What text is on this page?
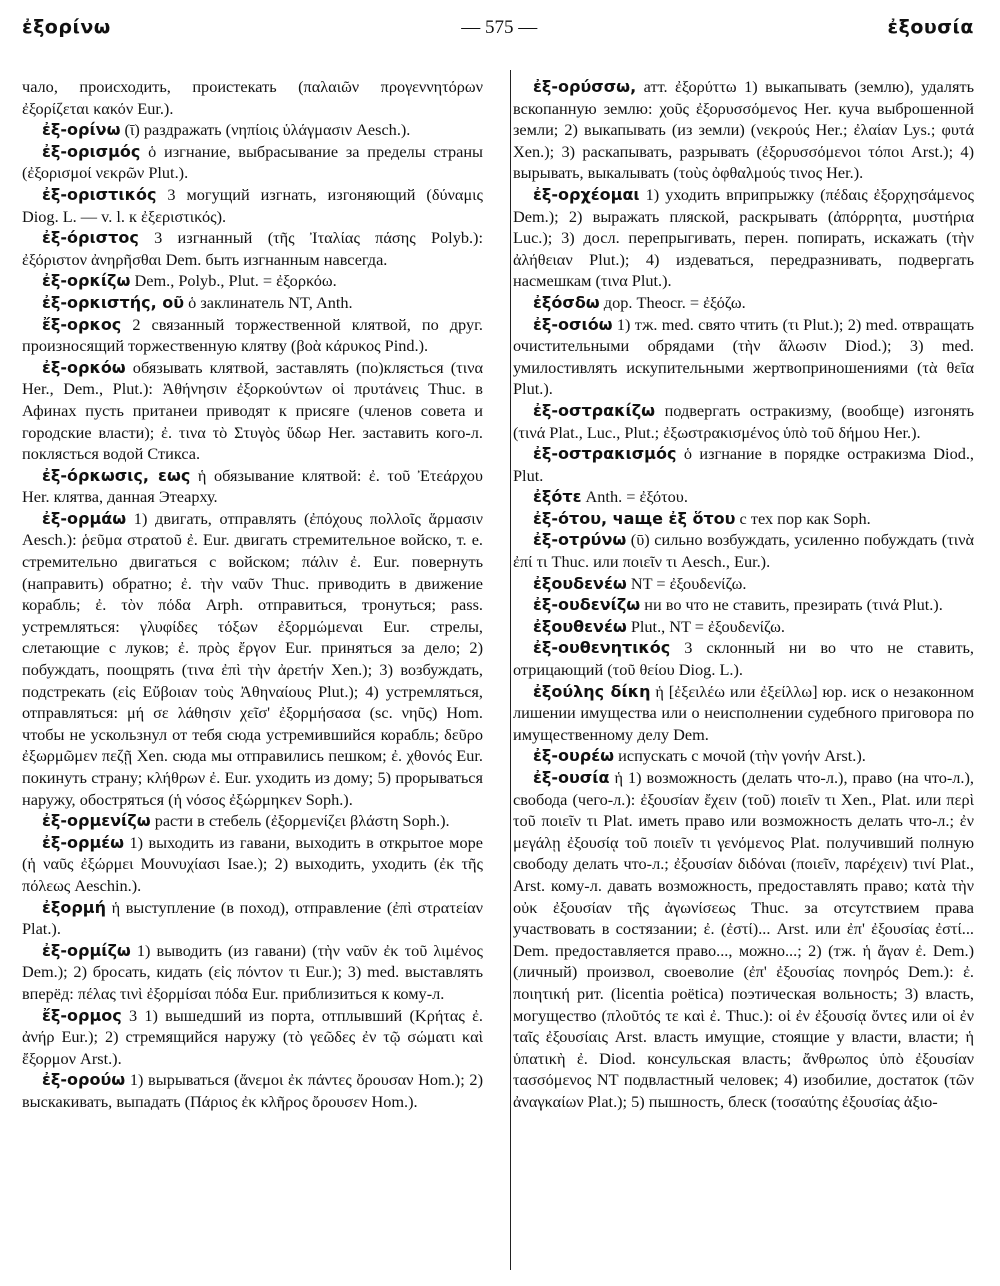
ἐξορίνω	— 575 —	ἐξουσία

чало, происходить, проистекать (παλαιῶν προγεννητόρων ἐξορίζεται κακόν Eur.).

ἐξ-ορίνω (ῑ) раздражать (νηπίοις ὑλάγμασιν Aesch.).

ἐξ-ορισμός ὁ изгнание, выбрасывание за пределы страны (ἐξορισμοί νεκρῶν Plut.).

ἐξ-οριστικός 3 могущий изгнать, изгоняющий (δύναμις Diog. L. — v. l. к ἐξεριστικός).

ἐξ-όριστος 3 изгнанный (τῆς Ἰταλίας πάσης Polyb.): ἐξόριστον ἀνηρῆσθαι Dem. быть изгнанным навсегда.

ἐξ-ορκίζω Dem., Polyb., Plut. = ἐξορκόω.

ἐξ-ορκιστής, οῦ ὁ заклинатель NT, Anth.

ἔξ-ορκος 2 связанный торжественной клятвой, по друг. произносящий торжественную клятву (βοὰ κάρυκος Pind.).

ἐξ-ορκόω обязывать клятвой, заставлять (по)клясться (τινα Her., Dem., Plut.): Ἀθήνησιν ἐξορκούντων οἱ πρυτάνεις Thuc. в Афинах пусть пританеи приводят к присяге (членов совета и городские власти); ἐ. τινα τὸ Στυγὸς ὕδωρ Her. заставить кого-л. поклясться водой Стикса.

ἐξ-όρκωσις, εως ἡ обязывание клятвой: ἐ. τοῦ Ἐτεάρχου Her. клятва, данная Этеарху.

ἐξ-ορμάω 1) двигать, отправлять (ἐπόχους πολλοῖς ἅρμασιν Aesch.): ῥεῦμα στρατοῦ ἐ. Eur. двигать стремительное войско, т. е. стремительно двигаться с войском; πάλιν ἐ. Eur. повернуть (направить) обратно; ἐ. τὴν ναῦν Thuc. приводить в движение корабль; ἐ. τὸν πόδα Arph. отправиться, тронуться; pass. устремляться: γλυφίδες τόξων ἐξορμώμεναι Eur. стрелы, слетающие с луков; ἐ. πρὸς ἔργον Eur. приняться за дело; 2) побуждать, поощрять (τινα ἐπὶ τὴν ἀρετήν Xen.); 3) возбуждать, подстрекать (εἰς Εὔβοιαν τοὺς Ἀθηναίους Plut.); 4) устремляться, отправляться: μή σε λάθησιν χεῖσ' ἐξορμήσασα (sc. νηῦς) Hom. чтобы не ускользнул от тебя сюда устремившийся корабль; δεῦρο ἐξωρμῶμεν πεζῇ Xen. сюда мы отправились пешком; ἐ. χθονός Eur. покинуть страну; κλήθρων ἐ. Eur. уходить из дому; 5) прорываться наружу, обостряться (ἡ νόσος ἐξώρμηκεν Soph.).

ἐξ-ορμενίζω расти в стебель (ἐξορμενίζει βλάστη Soph.).

ἐξ-ορμέω 1) выходить из гавани, выходить в открытое море (ἡ ναῦς ἐξώρμει Μουνυχίασι Isae.); 2) выходить, уходить (ἐκ τῆς πόλεως Aeschin.).

ἐξορμή ἡ выступление (в поход), отправление (ἐπὶ στρατείαν Plat.).

ἐξ-ορμίζω 1) выводить (из гавани) (τὴν ναῦν ἐκ τοῦ λιμένος Dem.); 2) бросать, кидать (εἰς πόντον τι Eur.); 3) med. выставлять вперёд: πέλας τινὶ ἐξορμίσαι πόδα Eur. приблизиться к кому-л.

ἔξ-ορμος 3 1) вышедший из порта, отплывший (Κρήτας ἐ. ἀνήρ Eur.); 2) стремящийся наружу (τὸ γεῶδες ἐν τῷ σώματι καὶ ἔξορμον Arst.).

ἐξ-ορούω 1) вырываться (ἄνεμοι ἐκ πάντες ὄρουσαν Hom.); 2) выскакивать, выпадать (Πάριος ἐκ κλῆρος ὄρουσεν Hom.).

ἐξ-ορύσσω, атт. ἐξορύττω 1) выкапывать (землю), удалять вскопанную землю: χοῦς ἐξορυσσόμενος Her. куча выброшенной земли; 2) выкапывать (из земли) (νεκρούς Her.; ἐλαίαν Lys.; φυτά Xen.); 3) раскапывать, разрывать (ἐξορυσσόμενοι τόποι Arst.); 4) вырывать, выкалывать (τοὺς ὀφθαλμούς τινος Her.).

ἐξ-ορχέομαι 1) уходить вприпрыжку (πέδαις ἐξορχησάμενος Dem.); 2) выражать пляской, раскрывать (ἀπόρρητα, μυστήρια Luc.); 3) досл. перепрыгивать, перен. попирать, искажать (τὴν ἀλήθειαν Plut.); 4) издеваться, передразнивать, подвергать насмешкам (τινα Plut.).

ἐξόσδω дор. Theocr. = ἐξόζω.

ἐξ-οσιόω 1) тж. med. свято чтить (τι Plut.); 2) med. отвращать очистительными обрядами (τὴν ἅλωσιν Diod.); 3) med. умилостивлять искупительными жертвоприношениями (τὰ θεῖα Plut.).

ἐξ-οστρακίζω подвергать остракизму, (вообще) изгонять (τινά Plat., Luc., Plut.; ἐξωστρακισμένος ὑπὸ τοῦ δήμου Her.).

ἐξ-οστρακισμός ὁ изгнание в порядке остракизма Diod., Plut.

ἐξότε Anth. = ἐξότου.

ἐξ-ότου, чаще ἐξ ὅτου с тех пор как Soph.

ἐξ-οτρύνω (ῡ) сильно возбуждать, усиленно побуждать (τινὰ ἐπί τι Thuc. или ποιεῖν τι Aesch., Eur.).

ἐξουδενέω NT = ἐξουδενίζω.

ἐξ-ουδενίζω ни во что не ставить, презирать (τινά Plut.).

ἐξουθενέω Plut., NT = ἐξουδενίζω.

ἐξ-ουθενητικός 3 склонный ни во что не ставить, отрицающий (τοῦ θείου Diog. L.).

ἐξούλης δίκη ἡ [ἐξειλέω или ἐξείλλω] юр. иск о незаконном лишении имущества или о неисполнении судебного приговора по имущественному делу Dem.

ἐξ-ουρέω испускать с мочой (τὴν γονήν Arst.).

ἐξ-ουσία ἡ 1) возможность (делать что-л.), право (на что-л.), свобода (чего-л.): ἐξουσίαν ἔχειν (τοῦ) ποιεῖν τι Xen., Plat. или περὶ τοῦ ποιεῖν τι Plat. иметь право или возможность делать что-л.; ἐν μεγάλῃ ἐξουσίᾳ τοῦ ποιεῖν τι γενόμενος Plat. получивший полную свободу делать что-л.; ἐξουσίαν διδόναι (ποιεῖν, παρέχειν) τινί Plat., Arst. кому-л. давать возможность, предоставлять право; κατὰ τὴν οὐκ ἐξουσίαν τῆς ἀγωνίσεως Thuc. за отсутствием права участвовать в состязании; ἐ. (ἐστί)... Arst. или ἐπ' ἐξουσίας ἐστί... Dem. предоставляется право..., можно...; 2) (тж. ἡ ἄγαν ἐ. Dem.) (личный) произвол, своеволие (ἐπ' ἐξουσίας πονηρός Dem.): ἐ. ποιητική рит. (licentia poëtica) поэтическая вольность; 3) власть, могущество (πλοῦτός τε καὶ ἐ. Thuc.): οἱ ἐν ἐξουσίᾳ ὄντες или οἱ ἐν ταῖς ἐξουσίαις Arst. власть имущие, стоящие у власти, власти; ἡ ὑπατικὴ ἐ. Diod. консульская власть; ἄνθρωπος ὑπὸ ἐξουσίαν τασσόμενος NT подвластный человек; 4) изобилие, достаток (τῶν ἀναγκαίων Plat.); 5) пышность, блеск (τοσαύτης ἐξουσίας ἀξιο-
